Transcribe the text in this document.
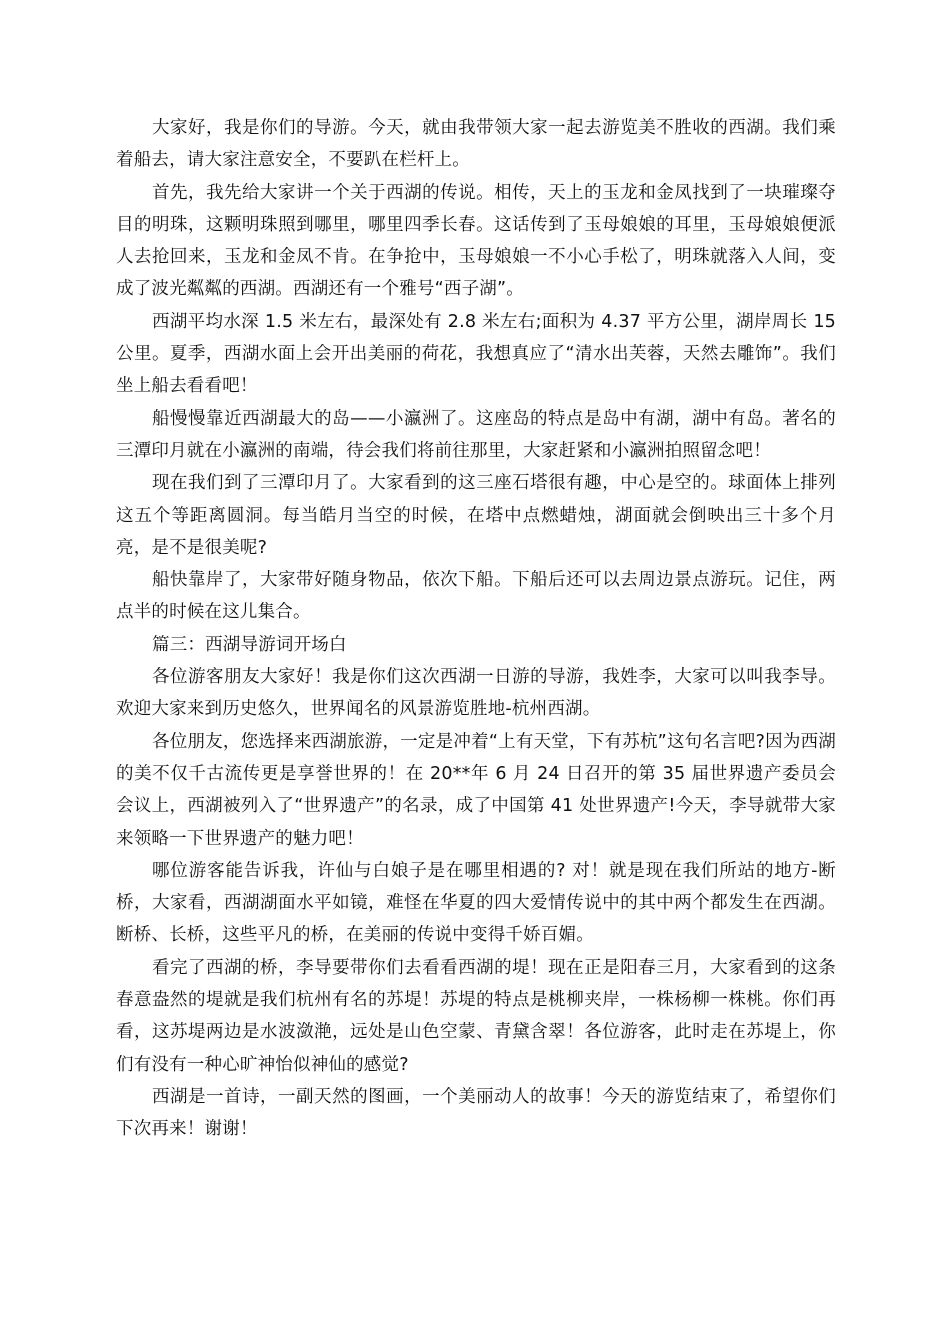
大家好，我是你们的导游。今天，就由我带领大家一起去游览美不胜收的西湖。我们乘着船去，请大家注意安全，不要趴在栏杆上。

首先，我先给大家讲一个关于西湖的传说。相传，天上的玉龙和金凤找到了一块璀璨夺目的明珠，这颗明珠照到哪里，哪里四季长春。这话传到了玉母娘娘的耳里，玉母娘娘便派人去抢回来，玉龙和金凤不肯。在争抢中，玉母娘娘一不小心手松了，明珠就落入人间，变成了波光粼粼的西湖。西湖还有一个雅号“西子湖”。

西湖平均水深 1.5 米左右，最深处有 2.8 米左右;面积为 4.37 平方公里，湖岸周长 15 公里。夏季，西湖水面上会开出美丽的荷花，我想真应了“清水出芙蓉，天然去雕饰”。我们坐上船去看看吧！

船慢慢靠近西湖最大的岛——小瀛洲了。这座岛的特点是岛中有湖，湖中有岛。著名的三潭印月就在小瀛洲的南端，待会我们将前往那里，大家赶紧和小瀛洲拍照留念吧！

现在我们到了三潭印月了。大家看到的这三座石塔很有趣，中心是空的。球面体上排列这五个等距离圆洞。每当皓月当空的时候，在塔中点燃蜡烛，湖面就会倒映出三十多个月亮，是不是很美呢?

船快靠岸了，大家带好随身物品，依次下船。下船后还可以去周边景点游玩。记住，两点半的时候在这儿集合。

篇三：西湖导游词开场白

各位游客朋友大家好！我是你们这次西湖一日游的导游，我姓李，大家可以叫我李导。欢迎大家来到历史悠久，世界闻名的风景游览胜地-杭州西湖。

各位朋友，您选择来西湖旅游，一定是冲着“上有天堂，下有苏杭”这句名言吧?因为西湖的美不仅千古流传更是享誉世界的！在 20**年 6 月 24 日召开的第 35 届世界遗产委员会会议上，西湖被列入了“世界遗产”的名录，成了中国第 41 处世界遗产!今天，李导就带大家来领略一下世界遗产的魅力吧！

哪位游客能告诉我，许仙与白娘子是在哪里相遇的? 对！就是现在我们所站的地方-断桥，大家看，西湖湖面水平如镜，难怪在华夏的四大爱情传说中的其中两个都发生在西湖。断桥、长桥，这些平凡的桥，在美丽的传说中变得千娇百媚。

看完了西湖的桥，李导要带你们去看看西湖的堤！现在正是阳春三月，大家看到的这条春意盎然的堤就是我们杭州有名的苏堤！苏堤的特点是桃柳夹岸，一株杨柳一株桃。你们再看，这苏堤两边是水波潋滟，远处是山色空蒙、青黛含翠！各位游客，此时走在苏堤上，你们有没有一种心旷神怡似神仙的感觉?

西湖是一首诗，一副天然的图画，一个美丽动人的故事！今天的游览结束了，希望你们下次再来！谢谢！
